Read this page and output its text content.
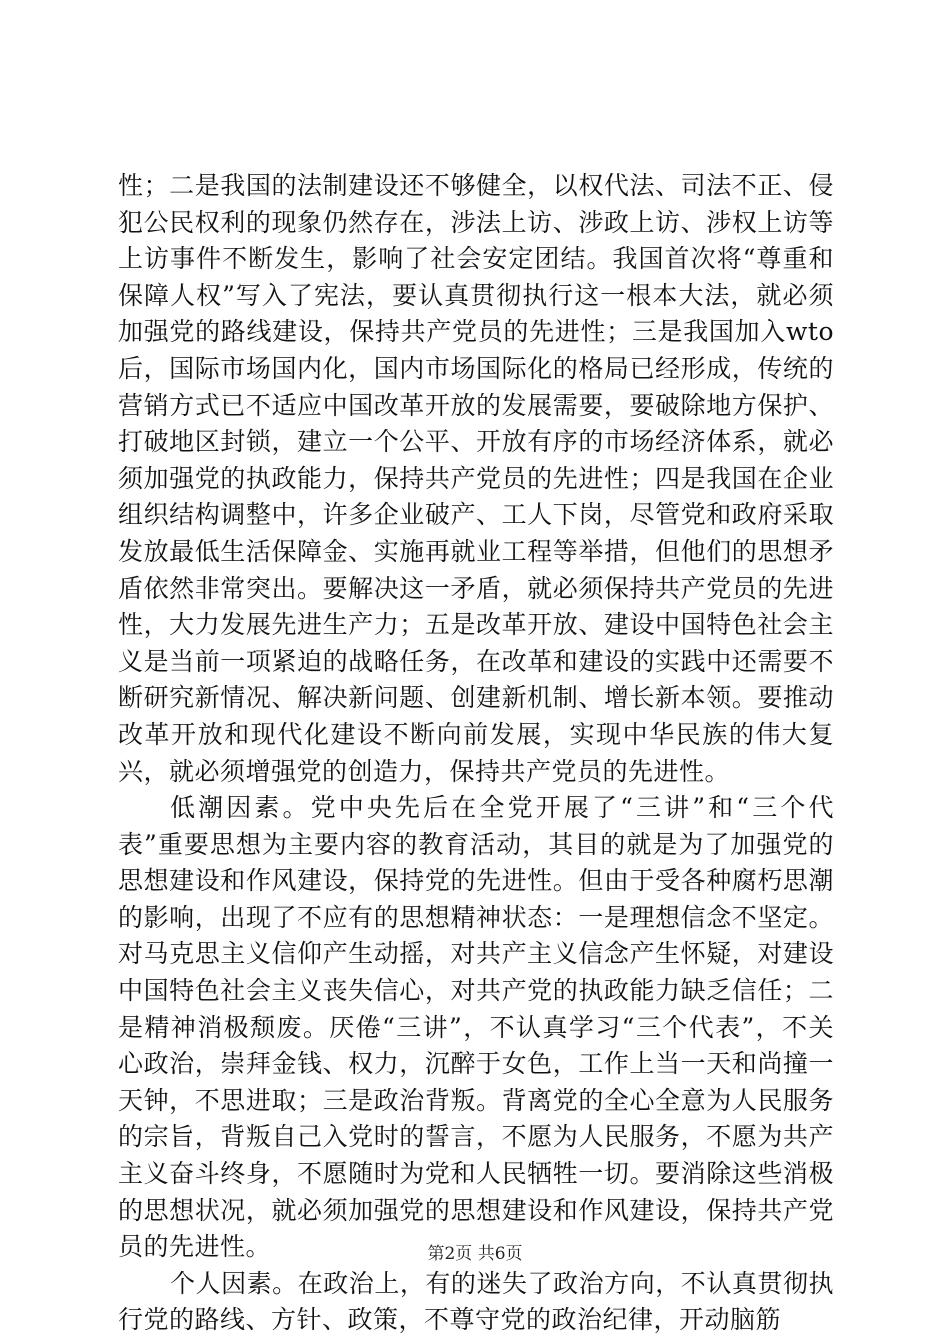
性；二是我国的法制建设还不够健全，以权代法、司法不正、侵犯公民权利的现象仍然存在，涉法上访、涉政上访、涉权上访等上访事件不断发生，影响了社会安定团结。我国首次将“尊重和保障人权”写入了宪法，要认真贯彻执行这一根本大法，就必须加强党的路线建设，保持共产党员的先进性；三是我国加入wto后，国际市场国内化，国内市场国际化的格局已经形成，传统的营销方式已不适应中国改革开放的发展需要，要破除地方保护、打破地区封锁，建立一个公平、开放有序的市场经济体系，就必须加强党的执政能力，保持共产党员的先进性；四是我国在企业组织结构调整中，许多企业破产、工人下岗，尽管党和政府采取发放最低生活保障金、实施再就业工程等举措，但他们的思想矛盾依然非常突出。要解决这一矛盾，就必须保持共产党员的先进性，大力发展先进生产力；五是改革开放、建设中国特色社会主义是当前一项紧迫的战略任务，在改革和建设的实践中还需要不断研究新情况、解决新问题、创建新机制、增长新本领。要推动改革开放和现代化建设不断向前发展，实现中华民族的伟大复兴，就必须增强党的创造力，保持共产党员的先进性。

低潮因素。党中央先后在全党开展了“三讲”和“三个代表”重要思想为主要内容的教育活动，其目的就是为了加强党的思想建设和作风建设，保持党的先进性。但由于受各种腐朽思潮的影响，出现了不应有的思想精神状态：一是理想信念不坚定。对马克思主义信仰产生动摇，对共产主义信念产生怀疑，对建设中国特色社会主义丧失信心，对共产党的执政能力缺乏信任；二是精神消极颓废。厌倦“三讲”，不认真学习“三个代表”，不关心政治，崇拜金钱、权力，沉醉于女色，工作上当一天和尚撞一天钟，不思进取；三是政治背叛。背离党的全心全意为人民服务的宗旨，背叛自己入党时的誓言，不愿为人民服务，不愿为共产主义奋斗终身，不愿随时为党和人民牺牲一切。要消除这些消极的思想状况，就必须加强党的思想建设和作风建设，保持共产党员的先进性。

个人因素。在政治上，有的迷失了政治方向，不认真贯彻执行党的路线、方针、政策，不尊守党的政治纪律，开动脑筋

第2页 共6页
